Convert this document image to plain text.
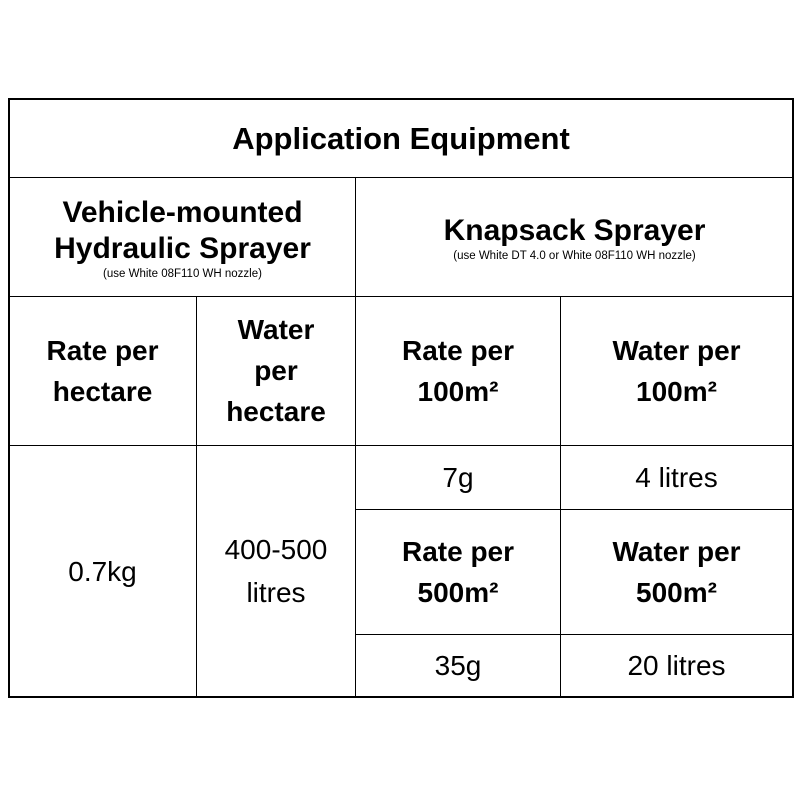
Application Equipment
Vehicle-mounted
Hydraulic Sprayer
(use White 08F110 WH nozzle)
Knapsack Sprayer
(use White DT 4.0 or White 08F110 WH nozzle)
Rate per
hectare
Water
per
hectare
Rate per
100m²
Water per
100m²
0.7kg
400-500
litres
7g	4 litres
Rate per
500m²
Water per
500m²
35g	20 litres
